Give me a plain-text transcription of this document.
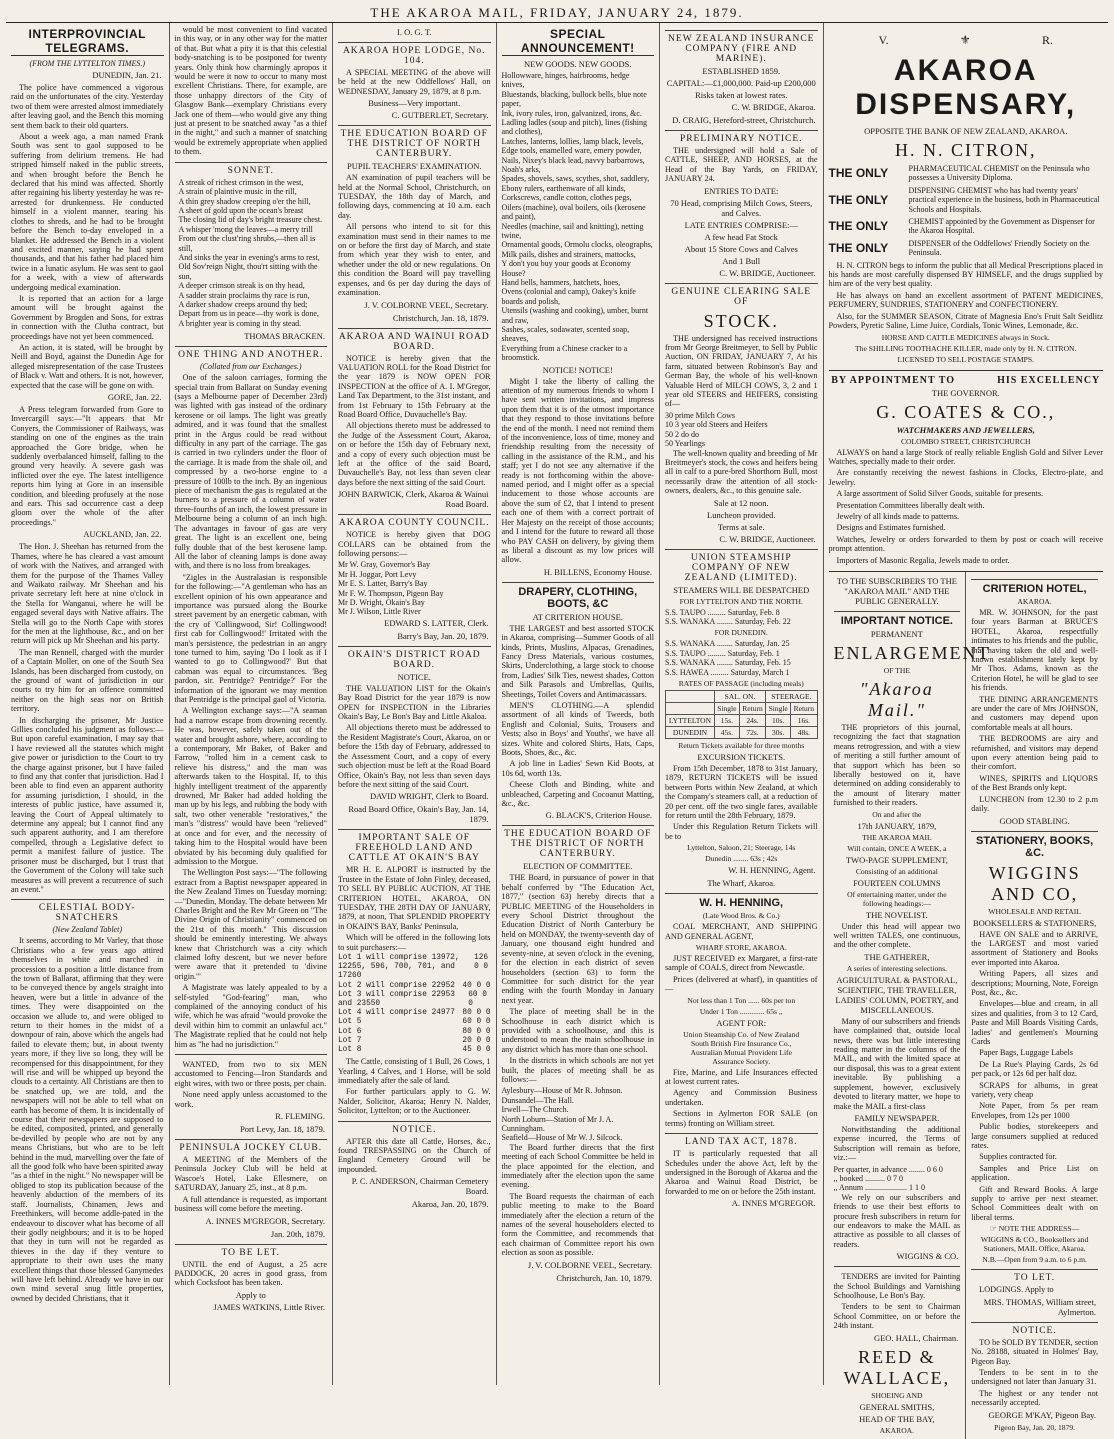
THE AKAROA MAIL, FRIDAY, JANUARY 24, 1879.
INTERPROVINCIAL TELEGRAMS.
(FROM THE LYTTELTON TIMES.)
DUNEDIN, Jan. 21.

The police have commenced a vigorous raid on the unfortunates of the city. Yesterday two of them were arrested almost immediately after leaving gaol, and the Bench this morning sent them back to their old quarters.

About a week ago, a man named Frank South was sent to gaol supposed to be suffering from delirium tremens. He had stripped himself naked in the public streets, and when brought before the Bench he declared that his mind was affected. Shortly after regaining his liberty yesterday he was re-arrested for drunkenness. He conducted himself in a violent manner, tearing his clothes to shreds, and he had to be brought before the Bench to-day enveloped in a blanket. He addressed the Bench in a violent and excited manner, saying he had spent thousands, and that his father had placed him twice in a lunatic asylum. He was sent to gaol for a week, with a view of afterwards undergoing medical examination.

It is reported that an action for a large amount will be brought against the Government by Brogden and Sons, for extras in connection with the Clutha contract, but proceedings have not yet been commenced.

An action, it is stated, will be brought by Neill and Boyd, against the Dunedin Age for alleged misrepresentation of the case Trustees of Black v. Watt and others. It is not, however, expected that the case will be gone on with.

GORE, Jan. 22.

A Press telegram forwarded from Gore to Invercargill says:—"It appears that Mr Conyers, the Commissioner of Railways, was standing on one of the engines as the train approached the Gore bridge, when he suddenly overbalanced himself, falling to the ground very heavily. A severe gash was inflicted over the eye. The latest intelligence reports him lying at Gore in an insensible condition, and bleeding profusely at the nose and ears. This sad occurrence cast a deep gloom over the whole of the after proceedings."

AUCKLAND, Jan. 22.

The Hon. J. Sheehan has returned from the Thames, where he has cleared a vast amount of work with the Natives, and arranged with them for the purpose of the Thames Valley and Waikato railway. Mr Sheehan and his private secretary left here at nine o'clock in the Stella for Wanganui, where he will be engaged several days with Native affairs. The Stella will go to the North Cape with stores for the men at the lighthouse, &c., and on her return will pick up Mr Sheehan and his party.

The man Rennell, charged with the murder of a Captain Moller, on one of the South Sea Islands, has been discharged from custody, on the ground of want of jurisdiction in our courts to try him for an offence committed neither on the high seas nor on British territory.

In discharging the prisoner, Mr Justice Gillies concluded his judgment as follows:—But upon careful examination, I may say that I have reviewed all the statutes which might give power or jurisdiction to the Court to try the charge against prisoner, but I have failed to find any that confer that jurisdiction. Had I been able to find even an apparent authority for assuming jurisdiction, I should, in the interests of public justice, have assumed it, leaving the Court of Appeal ultimately to determine any appeal; but I cannot find any such apparent authority, and I am therefore compelled, through a Legislative defect to permit a manifest failure of justice. The prisoner must be discharged, but I trust that the Government of the Colony will take such measures as will prevent a recurrence of such an event."

CELESTIAL BODY-SNATCHERS
(New Zealand Tablet)

It seems, according to Mr Varley, that those Christians who a few years ago attired themselves in white and marched in procession to a position a little distance from the town of Ballarat, affirming that they were to be conveyed thence by angels straight into heaven, were but a little in advance of the times. They were disappointed on the occasion we allude to, and were obliged to return to their homes in the midst of a downpour of rain, above which the angels had failed to elevate them; but, in about twenty years more, if they live so long, they will be recompensed for this disappointment, for they will rise and will be whipped up beyond the clouds to a certainty. All Christians are then to be snatched up, we are told, and the newspapers will not be able to tell what on earth has become of them. It is incidentally of course that their newspapers are supposed to be edited, composited, printed, and generally be-devilled by people who are not by any means Christians, but who are to be left behind in the mud, marvelling over the fate of all the good folk who have been spirited away "as a thief in the night." No newspaper will be obliged to stop its publication because of the heavenly abduction of the members of its staff. Journalists, Chinamen, Jews and Freethinkers, will become addle-pated in the endeavour to discover what has become of all their godly neighbours; and it is to be hoped that they in turn will not be regarded as thieves in the day if they venture to appropriate to their own uses the many excellent things that those blessed Ganymedes will have left behind. Already we have in our own mind several snug little properties, owned by decided Christians, that it

would be most convenient to find vacated in this way, or in any other way for the matter of that. But what a pity it is that this celestial body-snatching is to be postponed for twenty years. Only think how charmingly apropos it would be were it now to occur to many most excellent Christians. There, for example, are those unhappy directors of the City of Glasgow Bank—exemplary Christians every Jack one of them—who would give any thing just at present to be snatched away "as a thief in the night," and such a manner of snatching would be extremely appropriate when applied to them.

SONNET.
A streak of richest crimson in the west,
A strain of plaintive music in the rill,
A thin grey shadow creeping o'er the hill,
A sheet of gold upon the ocean's breast
The closing lid of day's bright treasure chest.
A whisper 'mong the leaves—a merry trill
From out the clust'ring shrubs,—then all is still,
And sinks the year in evening's arms to rest,
Old Sov'reign Night, thou'rt sitting with the sun,
A deeper crimson streak is on thy head,
A sadder strain proclaims thy race is run,
A darker shadow creeps around thy bed;
Depart from us in peace—thy work is done,
A brighter year is coming in thy stead.
THOMAS BRACKEN.
ONE THING AND ANOTHER.
(Collated from our Exchanges.)

One of the saloon carriages, forming the special train from Ballarat on Sunday evening (says a Melbourne paper of December 23rd) was lighted with gas instead of the ordinary kerosene or oil lamps. The light was greatly admired, and it was found that the smallest print in the Argus could be read without difficulty in any part of the carriage. The gas is carried in two cylinders under the floor of the carriage. It is made from the shale oil, and compressed by a two-horse engine to a pressure of 100lb to the inch. By an ingenious piece of mechanism the gas is regulated at the burners to a pressure of a column of water three-fourths of an inch, the lowest pressure in Melbourne being a column of an inch high. The advantages in favour of gas are very great. The light is an excellent one, being fully double that of the best kerosene lamp. All the labor of cleaning lamps is done away with, and there is no loss from breakages.

"Zigles in the Australasian is responsible for the following:—"A gentleman who has an excellent opinion of his own appearance and importance was pursued along the Bourke street pavement by an energetic cabman, with the cry of 'Collingwood, Sir! Collingwood! first cab for Collingwood!' Irritated with the man's persistence, the pedestrian in an angry tone turned to him, saying 'Do I look as if I wanted to go to Collingwood?' But that cabman was equal to circumstances. 'Beg pardon, sir. Pentridge? Pentridge?' For the information of the ignorant we may mention that Pentridge is the principal gaol of Victoria.

A Wellington exchange says:—"A seaman had a narrow escape from drowning recently. He was, however, safely taken out of the water and brought ashore, where, according to a contemporary, Mr Baker, of Baker and Farrow, "rolled him in a cement cask to relieve his distress," and the man was afterwards taken to the Hospital. If, to this highly intelligent treatment of the apparently drowned, Mr Baker had added holding the man up by his legs, and rubbing the body with salt, two other venerable "restoratives," the man's "distress" would have been "relieved" at once and for ever, and the necessity of taking him to the Hospital would have been obviated by his becoming duly qualified for admission to the Morgue.

The Wellington Post says:—"The following extract from a Baptist newspaper appeared in the New Zealand Times on Tuesday morning:—"Dunedin, Monday. The debate between Mr Charles Bright and the Rev Mr Green on "The Divine Origin of Christianity" commenced on the 21st of this month." This discussion should be eminently interesting. We always knew that Christchurch was a city which claimed lofty descent, but we never before were aware that it pretended to 'divine origin.'"

A Magistrate was lately appealed to by a self-styled "God-fearing" man, who complained of the annoying conduct of his wife, which he was afraid "would provoke the devil within him to commit an unlawful act." The Magistrate replied that he could not help him as "he had no jurisdiction."

WANTED, from two to six MEN accustomed to Fencing—Iron Standards and eight wires, with two or three posts, per chain.

None need apply unless accustomed to the work.

R. FLEMING.
Port Levy, Jan. 18, 1879.
PENINSULA JOCKEY CLUB.

A MEETING of the Members of the Peninsula Jockey Club will be held at Wascoe's Hotel, Lake Ellesmere, on SATURDAY, January 25, inst., at 8 p.m.

A full attendance is requested, as important business will come before the meeting.

A. INNES M'GREGOR, Secretary.
Jan. 20th, 1879.
TO BE LET.

UNTIL the end of August, a 25 acre PADDOCK, 20 acres in good grass, from which Cocksfoot has been taken.

Apply to
JAMES WATKINS, Little River.
I. O. G. T.
AKAROA HOPE LODGE, No. 104.

A SPECIAL MEETING of the above will be held at the new Oddfellows' Hall, on WEDNESDAY, January 29, 1879, at 8 p.m.

Business—Very important.
C. GUTBERLET, Secretary.
THE EDUCATION BOARD OF THE DISTRICT OF NORTH CANTERBURY.
PUPIL TEACHERS' EXAMINATION.

AN examination of pupil teachers will be held at the Normal School, Christchurch, on TUESDAY, the 18th day of March, and following days, commencing at 10 a.m. each day.

All persons who intend to sit for this examination must send in their names to me on or before the first day of March, and state from which year they wish to enter, and whether under the old or new regulations. On this condition the Board will pay travelling expenses, and 6s per day during the days of examination.

J. V. COLBORNE VEEL, Secretary.
Christchurch, Jan. 18, 1879.
AKAROA AND WAINUI ROAD BOARD.

NOTICE is hereby given that the VALUATION ROLL for the Road District for the year 1879 is NOW OPEN FOR INSPECTION at the office of A. I. M'Gregor, Land Tax Department, to the 31st instant, and from 1st February to 15th February at the Road Board Office, Duvauchelle's Bay.

All objections thereto must be addressed to the Judge of the Assessment Court, Akaroa, on or before the 15th day of February next, and a copy of every such objection must be left at the office of the said Board, Duvauchelle's Bay, not less than seven clear days before the next sitting of the said Court.

JOHN BARWICK, Clerk, Akaroa & Wainui Road Board.
AKAROA COUNTY COUNCIL.

NOTICE is hereby given that DOG COLLARS can be obtained from the following persons:—

Mr W. Gray, Governor's Bay
Mr H. Joggar, Port Levy
Mr E. S. Latter, Barry's Bay
Mr F. W. Thompson, Pigeon Bay
Mr D. Wright, Okain's Bay
Mr J. Wilson, Little River
EDWARD S. LATTER, Clerk.
Barry's Bay, Jan. 20, 1879.
OKAIN'S DISTRICT ROAD BOARD.
NOTICE.

THE VALUATION LIST for the Okain's Bay Road District for the year 1879 is now OPEN for INSPECTION in the Libraries Okain's Bay, Le Bon's Bay and Little Akaloa.

All objections thereto must be addressed to the Resident Magistrate's Court, Akaroa, on or before the 15th day of February, addressed to the Assessment Court, and a copy of every such objection must be left at the Road Board Office, Okain's Bay, not less than seven days before the next sitting of the said Court.

DAVID WRIGHT, Clerk to Board.
Road Board Office, Okain's Bay, Jan. 14, 1879.
IMPORTANT SALE OF FREEHOLD LAND AND CATTLE AT OKAIN'S BAY

MR H. E. ALPORT is instructed by the Trustee in the Estate of John Finley, deceased, TO SELL BY PUBLIC AUCTION, AT THE CRITERION HOTEL, AKAROA, ON TUESDAY, THE 28TH DAY OF JANUARY, 1879, at noon, That SPLENDID PROPERTY in OKAIN'S BAY, Banks' Peninsula,

Which will be offered in the following lots to suit purchasers:—

Lot 1 will comprise 13972, 12255, 596, 700, 701, and 17260
126 0 0
Lot 2 will comprise 22952 40 0 0
Lot 3 will comprise 22953 and 23550
60 0 0
Lot 4 will comprise 24977 80 0 0
Lot 5	60 0 0
Lot 6	80 0 0
Lot 7	20 0 0
Lot 8	45 0 0

The Cattle, consisting of 1 Bull, 26 Cows, 1 Yearling, 4 Calves, and 1 Horse, will be sold immediately after the sale of land.

For further particulars apply to G. W. Nalder, Solicitor, Akaroa; Henry N. Nalder, Solicitor, Lyttelton; or to the Auctioneer.

NOTICE.

AFTER this date all Cattle, Horses, &c., found TRESPASSING on the Church of England Cemetery Ground will be impounded.

P. C. ANDERSON, Chairman Cemetery Board.
Akaroa, Jan. 20, 1879.
SPECIAL ANNOUNCEMENT!
NEW GOODS. NEW GOODS.
Hollowware, hinges, hairbrooms, hedge knives,
Bluestands, blacking, bullock bells, blue note paper,
Ink, ivory rules, iron, galvanized, irons, &c.
Ladling ladles (soup and pitch), lines (fishing and clothes),
Latches, lanterns, lollies, lamp black, levels,
Edge tools, enamelled ware, emery powder,
Nails, Nixey's black lead, navvy barbarrows, Noah's arks,
Spades, shovels, saws, scythes, shot, saddlery,
Ebony rulers, earthenware of all kinds,
Corkscrews, candle cotton, clothes pegs,
Oilers (machine), oval boilers, oils (kerosene and paint),
Needles (machine, sail and knitting), netting twine,
Ornamental goods, Ormolu clocks, oleographs,
Milk pails, dishes and strainers, mattocks,
Y don't you buy your goods at Economy House?
Hand bells, hammers, hatchets, hoes,
Ovens (colonial and camp), Oakey's knife boards and polish,
Utensils (washing and cooking), umber, burnt and raw,
Sashes, scales, sodawater, scented soap, sheaves,
Everything from a Chinese cracker to a broomstick.
NOTICE! NOTICE!

Might I take the liberty of calling the attention of my numerous friends to whom I have sent written invitations, and impress upon them that it is of the utmost importance that they respond to those invitations before the end of the month. I need not remind them of the inconvenience, loss of time, money and friendship resulting from the necessity of calling in the assistance of the R.M., and his staff; yet I do not see any alternative if the ready is not forthcoming within the above-named period, and I might offer as a special inducement to those whose accounts are above the sum of £2, that I intend to present each one of them with a correct portrait of Her Majesty on the receipt of those accounts; and I intend for the future to reward all those who PAY CASH on delivery, by giving them as liberal a discount as my low prices will allow.

H. BILLENS, Economy House.
DRAPERY, CLOTHING, BOOTS, &C
AT CRITERION HOUSE.

THE LARGEST and best assorted STOCK in Akaroa, comprising—Summer Goods of all kinds, Prints, Muslins, Alpacas, Grenadines, Fancy Dress Materials, various costumes, Skirts, Underclothing, a large stock to choose from, Ladies' Silk Ties, newest shades, Cotton and Silk Parasols and Umbrellas, Quilts, Sheetings, Toilet Covers and Antimacassars.

MEN'S CLOTHING.—A splendid assortment of all kinds of Tweeds, both English and Colonial, Suits, Trousers and Vests; also in Boys' and Youths', we have all sizes. White and colored Shirts, Hats, Caps, Boots, Shoes, &c., &c.

A job line in Ladies' Sewn Kid Boots, at 10s 6d, worth 13s.

Cheese Cloth and Binding, white and unbleached, Carpeting and Cocoanut Matting, &c., &c.

G. BLACK'S, Criterion House.
THE EDUCATION BOARD OF THE DISTRICT OF NORTH CANTERBURY.
ELECTION OF COMMITTEE.

THE Board, in pursuance of power in that behalf conferred by "The Education Act, 1877," (section 63) hereby directs that a PUBLIC MEETING of the Householders in every School District throughout the Education District of North Canterbury be held on MONDAY, the twenty-seventh day of January, one thousand eight hundred and seventy-nine, at seven o'clock in the evening, for the election in each district of seven householders (section 63) to form the Committee for such district for the year ending with the fourth Monday in January next year.

The place of meeting shall be in the Schoolhouse in each district which is provided with a schoolhouse, and this is understood to mean the main schoolhouse in any district which has more than one school.

In the districts in which schools are not yet built, the places of meeting shall be as follows:—

Aylesbury—House of Mr R. Johnson.
Dunsandel—The Hall.
Irwell—The Church.
North Loburn—Station of Mr J. A. Cunningham.
Seafield—House of Mr W. J. Silcock.

The Board further directs that the first meeting of each School Committee be held in the place appointed for the election, and immediately after the election upon the same evening.

The Board requests the chairman of each public meeting to make to the Board immediately after the election a return of the names of the several householders elected to form the Committee, and recommends that each chairman of Committee report his own election as soon as possible.

J. V. COLBORNE VEEL, Secretary.
Christchurch, Jan. 10, 1879.
NEW ZEALAND INSURANCE COMPANY (FIRE AND MARINE).
ESTABLISHED 1859.
CAPITAL:—£1,000,000. Paid-up £200,000
Risks taken at lowest rates.
C. W. BRIDGE, Akaroa.
D. CRAIG, Hereford-street, Christchurch.
PRELIMINARY NOTICE.

THE undersigned will hold a Sale of CATTLE, SHEEP, AND HORSES, at the Head of the Bay Yards, on FRIDAY, JANUARY 24.

ENTRIES TO DATE:
70 Head, comprising Milch Cows, Steers, and Calves.
LATE ENTRIES COMPRISE:—
A few head Fat Stock
About 15 Store Cows and Calves
And 1 Bull
C. W. BRIDGE, Auctioneer.
GENUINE CLEARING SALE OF
STOCK.

THE undersigned has received instructions from Mr George Breitmeyer, to Sell by Public Auction, ON FRIDAY, JANUARY 7, At his farm, situated between Robinson's Bay and German Bay, the whole of his well-known Valuable Herd of MILCH COWS, 3, 2 and 1 year old STEERS and HEIFERS, consisting of—

30 prime Milch Cows
10 3 year old Steers and Heifers
50 2 do do
50 Yearlings

The well-known quality and breeding of Mr Breitmeyer's stock, the cows and heifers being all in calf to a pure-bred Shorthorn Bull, most necessarily draw the attention of all stock-owners, dealers, &c., to this genuine sale.

Sale at 12 noon.
Luncheon provided.
Terms at sale.
C. W. BRIDGE, Auctioneer.
UNION STEAMSHIP COMPANY OF NEW ZEALAND (LIMITED).
STEAMERS WILL BE DESPATCHED
FOR LYTTELTON AND THE NORTH.
S.S. TAUPO ......... Saturday, Feb. 8
S.S. WANAKA ........ Saturday, Feb. 22
FOR DUNEDIN.
S.S. WANAKA ........ Saturday, Jan. 25
S.S. TAUPO ......... Saturday, Feb. 1
S.S. WANAKA ........ Saturday, Feb. 15
S.S. HAWEA ......... Saturday, March 1
RATES OF PASSAGE (including meals)
	SAL. ON.		STEERAGE.	
	Single	Return	Single	Return
LYTTELTON	15s.	24s.	10s.	16s.
DUNEDIN	45s.	72s.	30s.	48s.
Return Tickets available for three months
EXCURSION TICKETS.

From 15th December, 1878 to 31st January, 1879, RETURN TICKETS will be issued between Ports within New Zealand, at which the Company's steamers call, at a reduction of 20 per cent. off the two single fares, available for return until the 28th February, 1879.

Under this Regulation Return Tickets will be to

Lyttelton, Saloon, 21; Steerage, 14s
Dunedin ........ 63s ; 42s
W. H. HENNING, Agent.
The Wharf, Akaroa.
W. H. HENNING,
(Late Wood Bros. & Co.)

COAL MERCHANT, AND SHIPPING AND GENERAL AGENT,

WHARF STORE, AKAROA.

JUST RECEIVED ex Margaret, a first-rate sample of COALS, direct from Newcastle.

Prices (delivered at wharf), in quantities of—

Not less than 1 Ton ...... 60s per ton
Under 1 Ton ............. 65s ,,
AGENT FOR:
Union Steamship Co. of New Zealand
South British Fire Insurance Co.,
Australian Mutual Provident Life
Assurance Society.

Fire, Marine, and Life Insurances effected at lowest current rates.

Agency and Commission Business undertaken.

Sections in Aylmerton FOR SALE (on terms) fronting on William street.

LAND TAX ACT, 1878.

IT is particularly requested that all Schedules under the above Act, left by the undersigned in the Borough of Akaroa and the Akaroa and Wainui Road District, be forwarded to me on or before the 25th instant.

A. INNES M'GREGOR.
V.	⚜	R.
AKAROA DISPENSARY,
OPPOSITE THE BANK OF NEW ZEALAND, AKAROA.
H. N. CITRON,
THE ONLY	PHARMACEUTICAL CHEMIST on the Peninsula who possesses a University Diploma.
THE ONLY
DISPENSING CHEMIST who has had twenty years' practical experience in the business, both in Pharmaceutical Schools and Hospitals.
THE ONLY	CHEMIST appointed by the Government as Dispenser for the Akaroa Hospital.
THE ONLY	DISPENSER of the Oddfellows' Friendly Society on the Peninsula.

H. N. CITRON begs to inform the public that all Medical Prescriptions placed in his hands are most carefully dispensed BY HIMSELF, and the drugs supplied by him are of the very best quality.

He has always on hand an excellent assortment of PATENT MEDICINES, PERFUMERY, SUNDRIES, STATIONERY and CONFECTIONERY.

Also, for the SUMMER SEASON, Citrate of Magnesia Eno's Fruit Salt Seidlitz Powders, Pyretic Saline, Lime Juice, Cordials, Tonic Wines, Lemonade, &c.

HORSE AND CATTLE MEDICINES always in Stock.
The SHILLING TOOTHACHE KILLER, made only by H. N. CITRON.
LICENSED TO SELL POSTAGE STAMPS.
BY APPOINTMENT TO            HIS EXCELLENCY
THE GOVERNOR.
G. COATES & CO.,
WATCHMAKERS AND JEWELLERS,
COLOMBO STREET, CHRISTCHURCH

ALWAYS on hand a large Stock of really reliable English Gold and Silver Lever Watches, specially made to their order.

Are constantly receiving the newest fashions in Clocks, Electro-plate, and Jewelry.

A large assortment of Solid Silver Goods, suitable for presents.

Presentation Committees liberally dealt with.

Jewelry of all kinds made to patterns.

Designs and Estimates furnished.

Watches, Jewelry or orders forwarded to them by post or coach will receive prompt attention.

Importers of Masonic Regalia, Jewels made to order.

TO THE SUBSCRIBERS TO THE "AKAROA MAIL" AND THE PUBLIC GENERALLY.
IMPORTANT NOTICE.
PERMANENT
ENLARGEMENT
OF THE
"Akaroa Mail."

THE proprietors of this journal, recognizing the fact that stagnation means retrogression, and with a view of meriting a still further amount of that support which has been so liberally bestowed on it, have determined on adding considerably to the amount of literary matter furnished to their readers.

On and after the
17th JANUARY, 1879,
THE AKAROA MAIL
Will contain, ONCE A WEEK, a
TWO-PAGE SUPPLEMENT,
Consisting of an additional
FOURTEEN COLUMNS
Of entertaining matter, under the following headings:—
THE NOVELIST.

Under this head will appear two well written TALES, one continuous, and the other complete.

THE GATHERER,
A series of interesting selections.
AGRICULTURAL & PASTORAL, SCIENTIFIC, THE TRAVELLER, LADIES' COLUMN, POETRY, and MISCELLANEOUS.

Many of our subscribers and friends have complained that, outside local news, there was but little interesting reading matter in the columns of the MAIL, and with the limited space at our disposal, this was to a great extent inevitable. By publishing a supplement, however, exclusively devoted to literary matter, we hope to make the MAIL a first-class

FAMILY NEWSPAPER.

Notwithstanding the additional expense incurred, the Terms of Subscription will remain as before, viz.:—

Per quarter, in advance ........ 0 6 0
,, booked .......... 0 7 0
,, Annum ..................... 1 1 0

We rely on our subscribers and friends to use their best efforts to procure fresh subscribers in return for our endeavors to make the MAIL as attractive as possible to all classes of readers.

WIGGINS & CO.

TENDERS are invited for Painting the School Buildings and Varnishing Schoolhouse, Le Bon's Bay.

Tenders to be sent to Chairman School Committee, on or before the 24th instant.

GEO. HALL, Chairman.
REED & WALLACE,
SHOEING AND
GENERAL SMITHS,
HEAD OF THE BAY,
AKAROA.
CRITERION HOTEL,
AKAROA.

MR. W. JOHNSON, for the past four years Barman at BRUCE'S HOTEL, Akaroa, respectfully intimates to his friends and the public, that having taken the old and well-known establishment lately kept by Mr Thos. Adams, known as the Criterion Hotel, he will be glad to see his friends.

THE DINING ARRANGEMENTS are under the care of Mrs JOHNSON, and customers may depend upon comfortable meals at all hours.

THE BEDROOMS are airy and refurnished, and visitors may depend upon every attention being paid to their comfort.

WINES, SPIRITS and LIQUORS of the Best Brands only kept.

LUNCHEON from 12.30 to 2 p.m daily.

GOOD STABLING.
STATIONERY, BOOKS, &C.
WIGGINS AND CO,
WHOLESALE AND RETAIL
BOOKSELLERS & STATIONERS,

HAVE ON SALE and to ARRIVE, the LARGEST and most varied assortment of Stationery and Books ever imported into Akaroa.

Writing Papers, all sizes and descriptions; Mourning, Note, Foreign Post, &c., &c.

Envelopes—blue and cream, in all sizes and qualities, from 3 to 12 Card, Paste and Mill Boards Visiting Cards, ladies' and gentlemen's Mourning Cards

Paper Bags, Luggage Labels

De La Rue's Playing Cards, 2s 6d per pack, or 12s 6d per half doz.

SCRAPS for albums, in great variety, very cheap

Note Paper, from 5s per ream Envelopes, from 12s per 1000

Public bodies, storekeepers and large consumers supplied at reduced rates.

Supplies contracted for.

Samples and Price List on application.

Gift and Reward Books. A large supply to arrive per next steamer. School Committees dealt with on liberal terms.

☞ NOTE THE ADDRESS—
WIGGINS & CO., Booksellers and Stationers, MAIL Office, Akaroa.
N.B.—Open from 9 a.m. to 6 p.m.
TO LET.

LODGINGS. Apply to

MRS. THOMAS, William street, Aylmerton.
NOTICE.

TO be SOLD BY TENDER, section No. 28188, situated in Holmes' Bay, Pigeon Bay.

Tenders to be sent in to the undersigned not later than January 31.

The highest or any tender not necessarily accepted.

GEORGE M'KAY, Pigeon Bay.
Pigeon Bay, Jan. 20, 1879.
